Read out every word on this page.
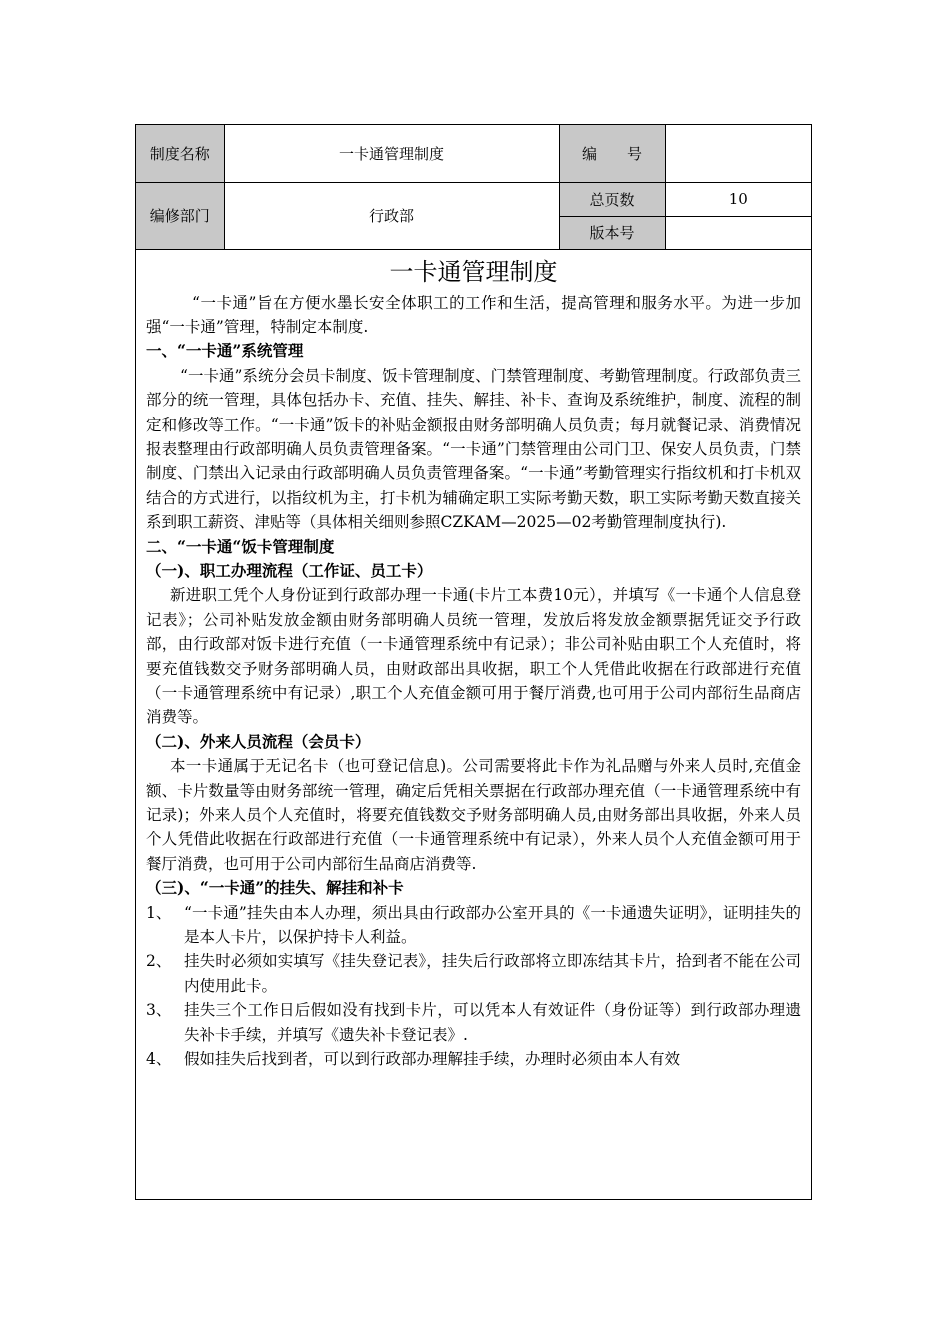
制度名称	一卡通管理制度	编　　号	
编修部门	行政部	总页数	10
		版本号	
一卡通管理制度

“一卡通”旨在方便水墨长安全体职工的工作和生活，提高管理和服务水平。为进一步加强“一卡通”管理，特制定本制度.

一、“一卡通”系统管理

“一卡通”系统分会员卡制度、饭卡管理制度、门禁管理制度、考勤管理制度。行政部负责三部分的统一管理，具体包括办卡、充值、挂失、解挂、补卡、查询及系统维护，制度、流程的制定和修改等工作。“一卡通”饭卡的补贴金额报由财务部明确人员负责；每月就餐记录、消费情况报表整理由行政部明确人员负责管理备案。“一卡通”门禁管理由公司门卫、保安人员负责，门禁制度、门禁出入记录由行政部明确人员负责管理备案。“一卡通”考勤管理实行指纹机和打卡机双结合的方式进行，以指纹机为主，打卡机为辅确定职工实际考勤天数，职工实际考勤天数直接关系到职工薪资、津贴等（具体相关细则参照CZKAM—2025—02考勤管理制度执行).

二、“一卡通“饭卡管理制度

（一)、职工办理流程（工作证、员工卡）

新进职工凭个人身份证到行政部办理一卡通(卡片工本费10元），并填写《一卡通个人信息登记表》；公司补贴发放金额由财务部明确人员统一管理，发放后将发放金额票据凭证交予行政部，由行政部对饭卡进行充值（一卡通管理系统中有记录）；非公司补贴由职工个人充值时，将要充值钱数交予财务部明确人员，由财政部出具收据，职工个人凭借此收据在行政部进行充值（一卡通管理系统中有记录）,职工个人充值金额可用于餐厅消费,也可用于公司内部衍生品商店消费等。

（二)、外来人员流程（会员卡）

本一卡通属于无记名卡（也可登记信息)。公司需要将此卡作为礼品赠与外来人员时,充值金额、卡片数量等由财务部统一管理，确定后凭相关票据在行政部办理充值（一卡通管理系统中有记录)；外来人员个人充值时，将要充值钱数交予财务部明确人员,由财务部出具收据，外来人员个人凭借此收据在行政部进行充值（一卡通管理系统中有记录），外来人员个人充值金额可用于餐厅消费，也可用于公司内部衍生品商店消费等.

（三)、“一卡通”的挂失、解挂和补卡

1、 “一卡通”挂失由本人办理，须出具由行政部办公室开具的《一卡通遗失证明》，证明挂失的是本人卡片，以保护持卡人利益。
2、 挂失时必须如实填写《挂失登记表》，挂失后行政部将立即冻结其卡片，拾到者不能在公司内使用此卡。
3、 挂失三个工作日后假如没有找到卡片，可以凭本人有效证件（身份证等）到行政部办理遗失补卡手续，并填写《遗失补卡登记表》.
4、 假如挂失后找到者，可以到行政部办理解挂手续，办理时必须由本人有效
